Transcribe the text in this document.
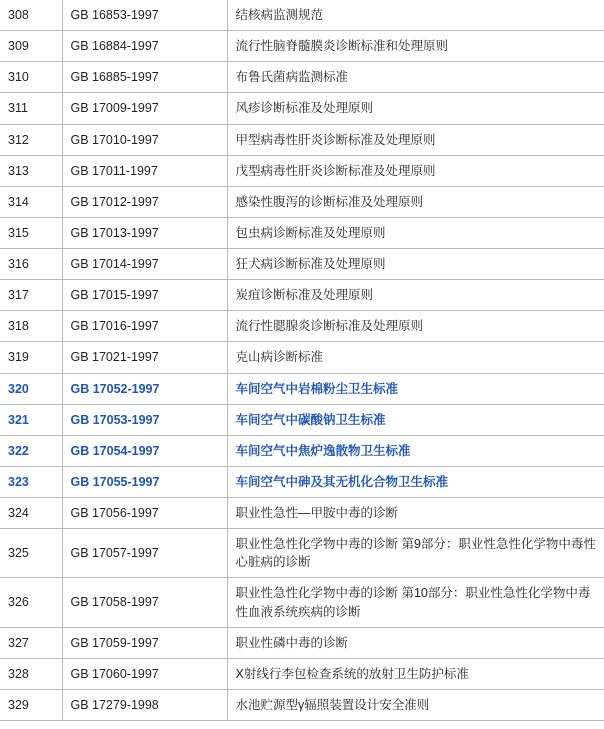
308	GB 16853-1997	结核病监测规范
309	GB 16884-1997	流行性脑脊髓膜炎诊断标准和处理原则
310	GB 16885-1997	布鲁氏菌病监测标准
311	GB 17009-1997	风疹诊断标准及处理原则
312	GB 17010-1997	甲型病毒性肝炎诊断标准及处理原则
313	GB 17011-1997	戊型病毒性肝炎诊断标准及处理原则
314	GB 17012-1997	感染性腹泻的诊断标准及处理原则
315	GB 17013-1997	包虫病诊断标准及处理原则
316	GB 17014-1997	狂犬病诊断标准及处理原则
317	GB 17015-1997	炭疽诊断标准及处理原则
318	GB 17016-1997	流行性腮腺炎诊断标准及处理原则
319	GB 17021-1997	克山病诊断标准
320	GB 17052-1997	车间空气中岩棉粉尘卫生标准
321	GB 17053-1997	车间空气中碳酸钠卫生标准
322	GB 17054-1997	车间空气中焦炉逸散物卫生标准
323	GB 17055-1997	车间空气中砷及其无机化合物卫生标准
324	GB 17056-1997	职业性急性—甲胺中毒的诊断
325	GB 17057-1997	职业性急性化学物中毒的诊断 第9部分：职业性急性化学物中毒性心脏病的诊断
326	GB 17058-1997	职业性急性化学物中毒的诊断 第10部分：职业性急性化学物中毒性血液系统疾病的诊断
327	GB 17059-1997	职业性磷中毒的诊断
328	GB 17060-1997	X射线行李包检查系统的放射卫生防护标准
329	GB 17279-1998	水池贮源型γ辐照装置设计安全准则
